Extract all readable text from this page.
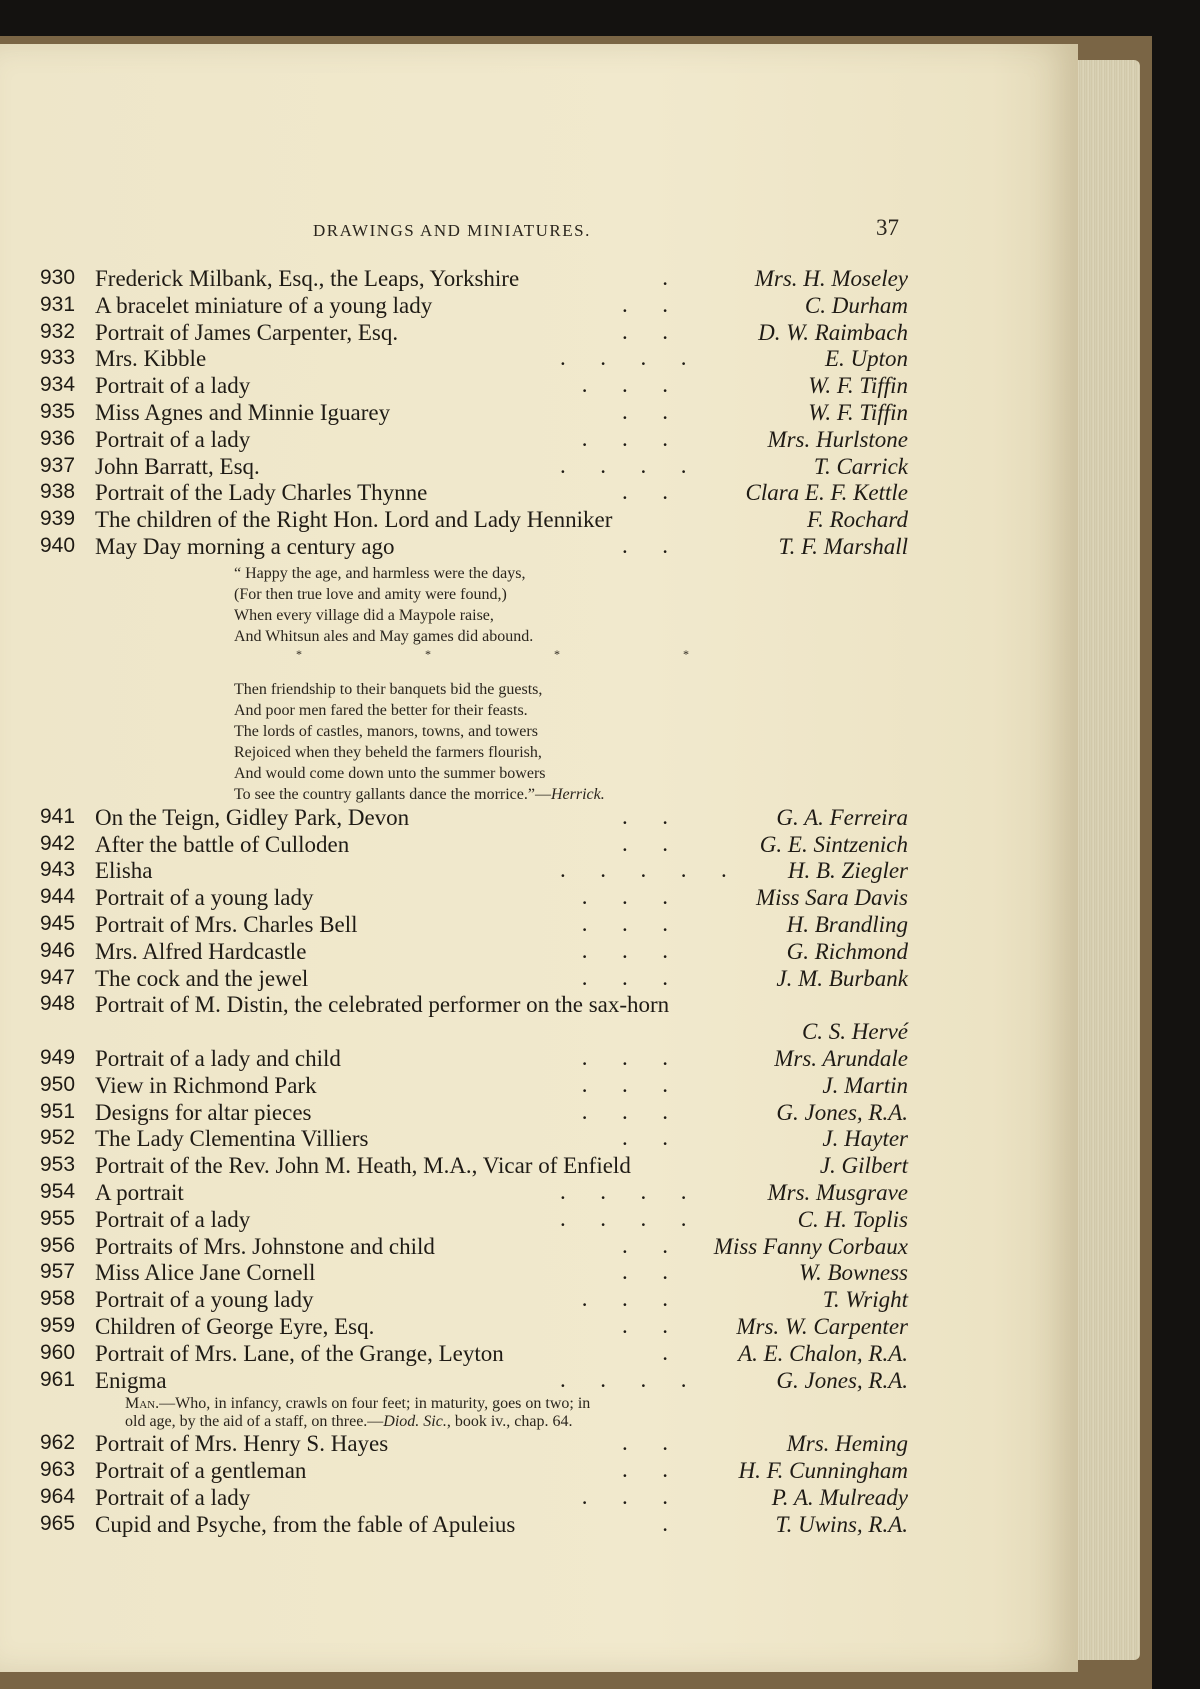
DRAWINGS AND MINIATURES.	37
930 Frederick Milbank, Esq., the Leaps, Yorkshire	.	Mrs. H. Moseley
931 A bracelet miniature of a young lady	.      .	C. Durham
932 Portrait of James Carpenter, Esq.	.      .	D. W. Raimbach
933 Mrs. Kibble	.      .      .      .	E. Upton
934 Portrait of a lady	.      .      .	W. F. Tiffin
935 Miss Agnes and Minnie Iguarey	.      .	W. F. Tiffin
936 Portrait of a lady	.      .      .	Mrs. Hurlstone
937 John Barratt, Esq.	.      .      .      .	T. Carrick
938 Portrait of the Lady Charles Thynne	.      .	Clara E. F. Kettle
939 The children of the Right Hon. Lord and Lady Henniker	F. Rochard
940 May Day morning a century ago	.      .	T. F. Marshall
“ Happy the age, and harmless were the days,
(For then true love and amity were found,)
When every village did a Maypole raise,
And Whitsun ales and May games did abound.
* * * *
Then friendship to their banquets bid the guests,
And poor men fared the better for their feasts.
The lords of castles, manors, towns, and towers
Rejoiced when they beheld the farmers flourish,
And would come down unto the summer bowers
To see the country gallants dance the morrice.”—Herrick.
941 On the Teign, Gidley Park, Devon	.      .	G. A. Ferreira
942 After the battle of Culloden	.      .	G. E. Sintzenich
943 Elisha	.      .      .      .      .	H. B. Ziegler
944 Portrait of a young lady	.      .      .	Miss Sara Davis
945 Portrait of Mrs. Charles Bell	.      .      .	H. Brandling
946 Mrs. Alfred Hardcastle	.      .      .	G. Richmond
947 The cock and the jewel	.      .      .	J. M. Burbank
948 Portrait of M. Distin, the celebrated performer on the sax-horn
C. S. Hervé
949 Portrait of a lady and child	.      .      .	Mrs. Arundale
950 View in Richmond Park	.      .      .	J. Martin
951 Designs for altar pieces	.      .      .	G. Jones, R.A.
952 The Lady Clementina Villiers	.      .	J. Hayter
953 Portrait of the Rev. John M. Heath, M.A., Vicar of Enfield	J. Gilbert
954 A portrait	.      .      .      .	Mrs. Musgrave
955 Portrait of a lady	.      .      .      .	C. H. Toplis
956 Portraits of Mrs. Johnstone and child	.      . Miss Fanny Corbaux
957 Miss Alice Jane Cornell	.      .	W. Bowness
958 Portrait of a young lady	.      .      .	T. Wright
959 Children of George Eyre, Esq.	.      .	Mrs. W. Carpenter
960 Portrait of Mrs. Lane, of the Grange, Leyton	.	A. E. Chalon, R.A.
961 Enigma	.      .      .      .	G. Jones, R.A.
Man.—Who, in infancy, crawls on four feet; in maturity, goes on two; in
old age, by the aid of a staff, on three.—Diod. Sic., book iv., chap. 64.
962 Portrait of Mrs. Henry S. Hayes	.      .	Mrs. Heming
963 Portrait of a gentleman	.      .	H. F. Cunningham
964 Portrait of a lady	.      .      .	P. A. Mulready
965 Cupid and Psyche, from the fable of Apuleius	.	T. Uwins, R.A.
